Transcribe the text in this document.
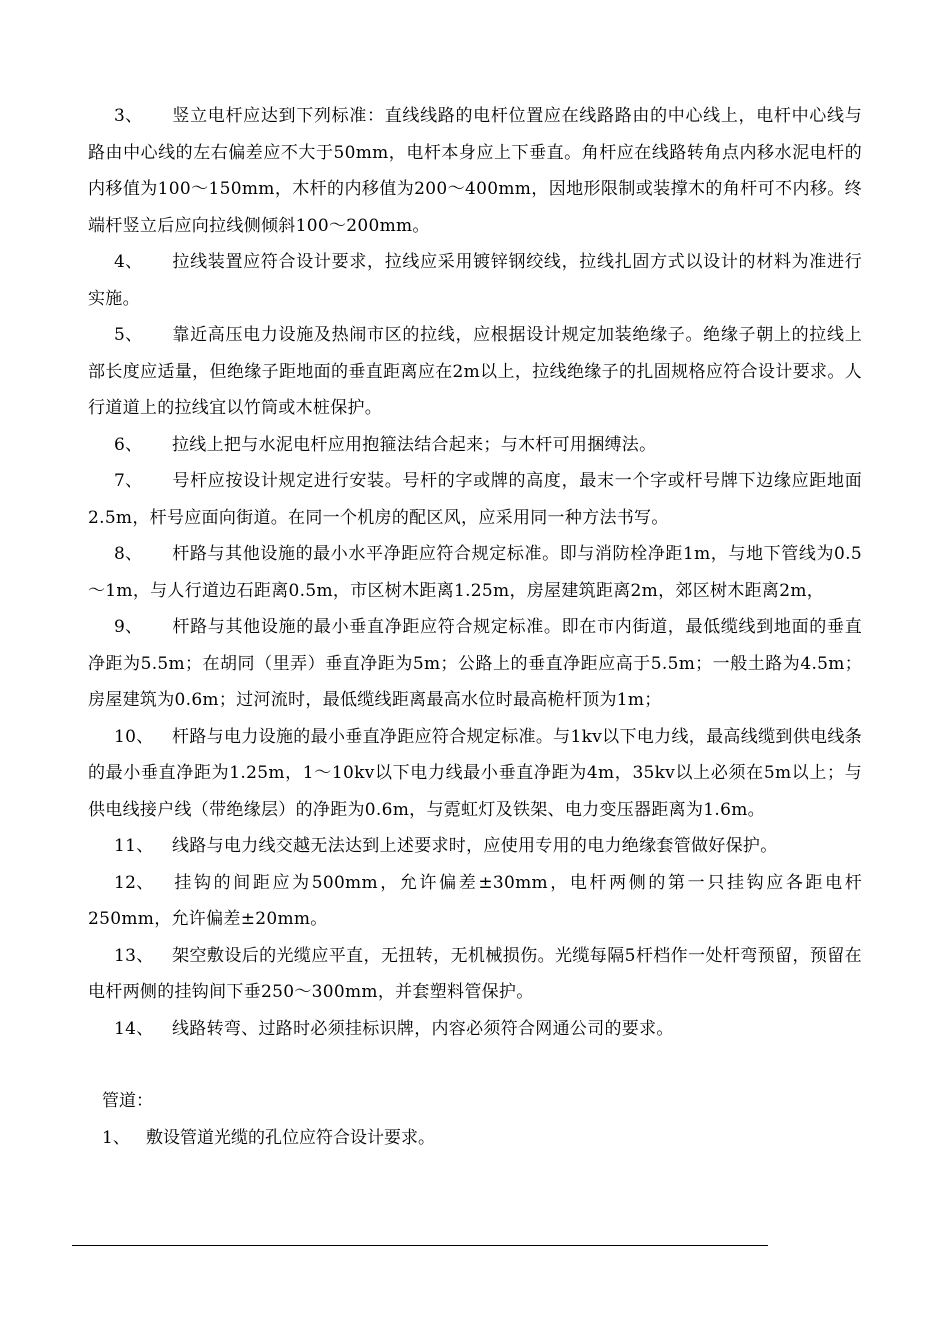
3、 竖立电杆应达到下列标准：直线线路的电杆位置应在线路路由的中心线上，电杆中心线与路由中心线的左右偏差应不大于50mm，电杆本身应上下垂直。角杆应在线路转角点内移水泥电杆的内移值为100～150mm，木杆的内移值为200～400mm，因地形限制或装撑木的角杆可不内移。终端杆竖立后应向拉线侧倾斜100～200mm。

4、 拉线装置应符合设计要求，拉线应采用镀锌钢绞线，拉线扎固方式以设计的材料为准进行实施。

5、 靠近高压电力设施及热闹市区的拉线，应根据设计规定加装绝缘子。绝缘子朝上的拉线上部长度应适量，但绝缘子距地面的垂直距离应在2m以上，拉线绝缘子的扎固规格应符合设计要求。人行道道上的拉线宜以竹筒或木桩保护。

6、 拉线上把与水泥电杆应用抱箍法结合起来；与木杆可用捆缚法。

7、 号杆应按设计规定进行安装。号杆的字或牌的高度，最末一个字或杆号牌下边缘应距地面2.5m，杆号应面向街道。在同一个机房的配区风，应采用同一种方法书写。

8、 杆路与其他设施的最小水平净距应符合规定标准。即与消防栓净距1m，与地下管线为0.5～1m，与人行道边石距离0.5m，市区树木距离1.25m，房屋建筑距离2m，郊区树木距离2m，

9、 杆路与其他设施的最小垂直净距应符合规定标准。即在市内街道，最低缆线到地面的垂直净距为5.5m；在胡同（里弄）垂直净距为5m；公路上的垂直净距应高于5.5m；一般土路为4.5m；房屋建筑为0.6m；过河流时，最低缆线距离最高水位时最高桅杆顶为1m；

10、 杆路与电力设施的最小垂直净距应符合规定标准。与1kv以下电力线，最高线缆到供电线条的最小垂直净距为1.25m，1～10kv以下电力线最小垂直净距为4m，35kv以上必须在5m以上；与供电线接户线（带绝缘层）的净距为0.6m，与霓虹灯及铁架、电力变压器距离为1.6m。

11、 线路与电力线交越无法达到上述要求时，应使用专用的电力绝缘套管做好保护。

12、 挂钩的间距应为500mm，允许偏差±30mm，电杆两侧的第一只挂钩应各距电杆250mm，允许偏差±20mm。

13、 架空敷设后的光缆应平直，无扭转，无机械损伤。光缆每隔5杆档作一处杆弯预留，预留在电杆两侧的挂钩间下垂250～300mm，并套塑料管保护。

14、 线路转弯、过路时必须挂标识牌，内容必须符合网通公司的要求。

管道：

1、 敷设管道光缆的孔位应符合设计要求。
